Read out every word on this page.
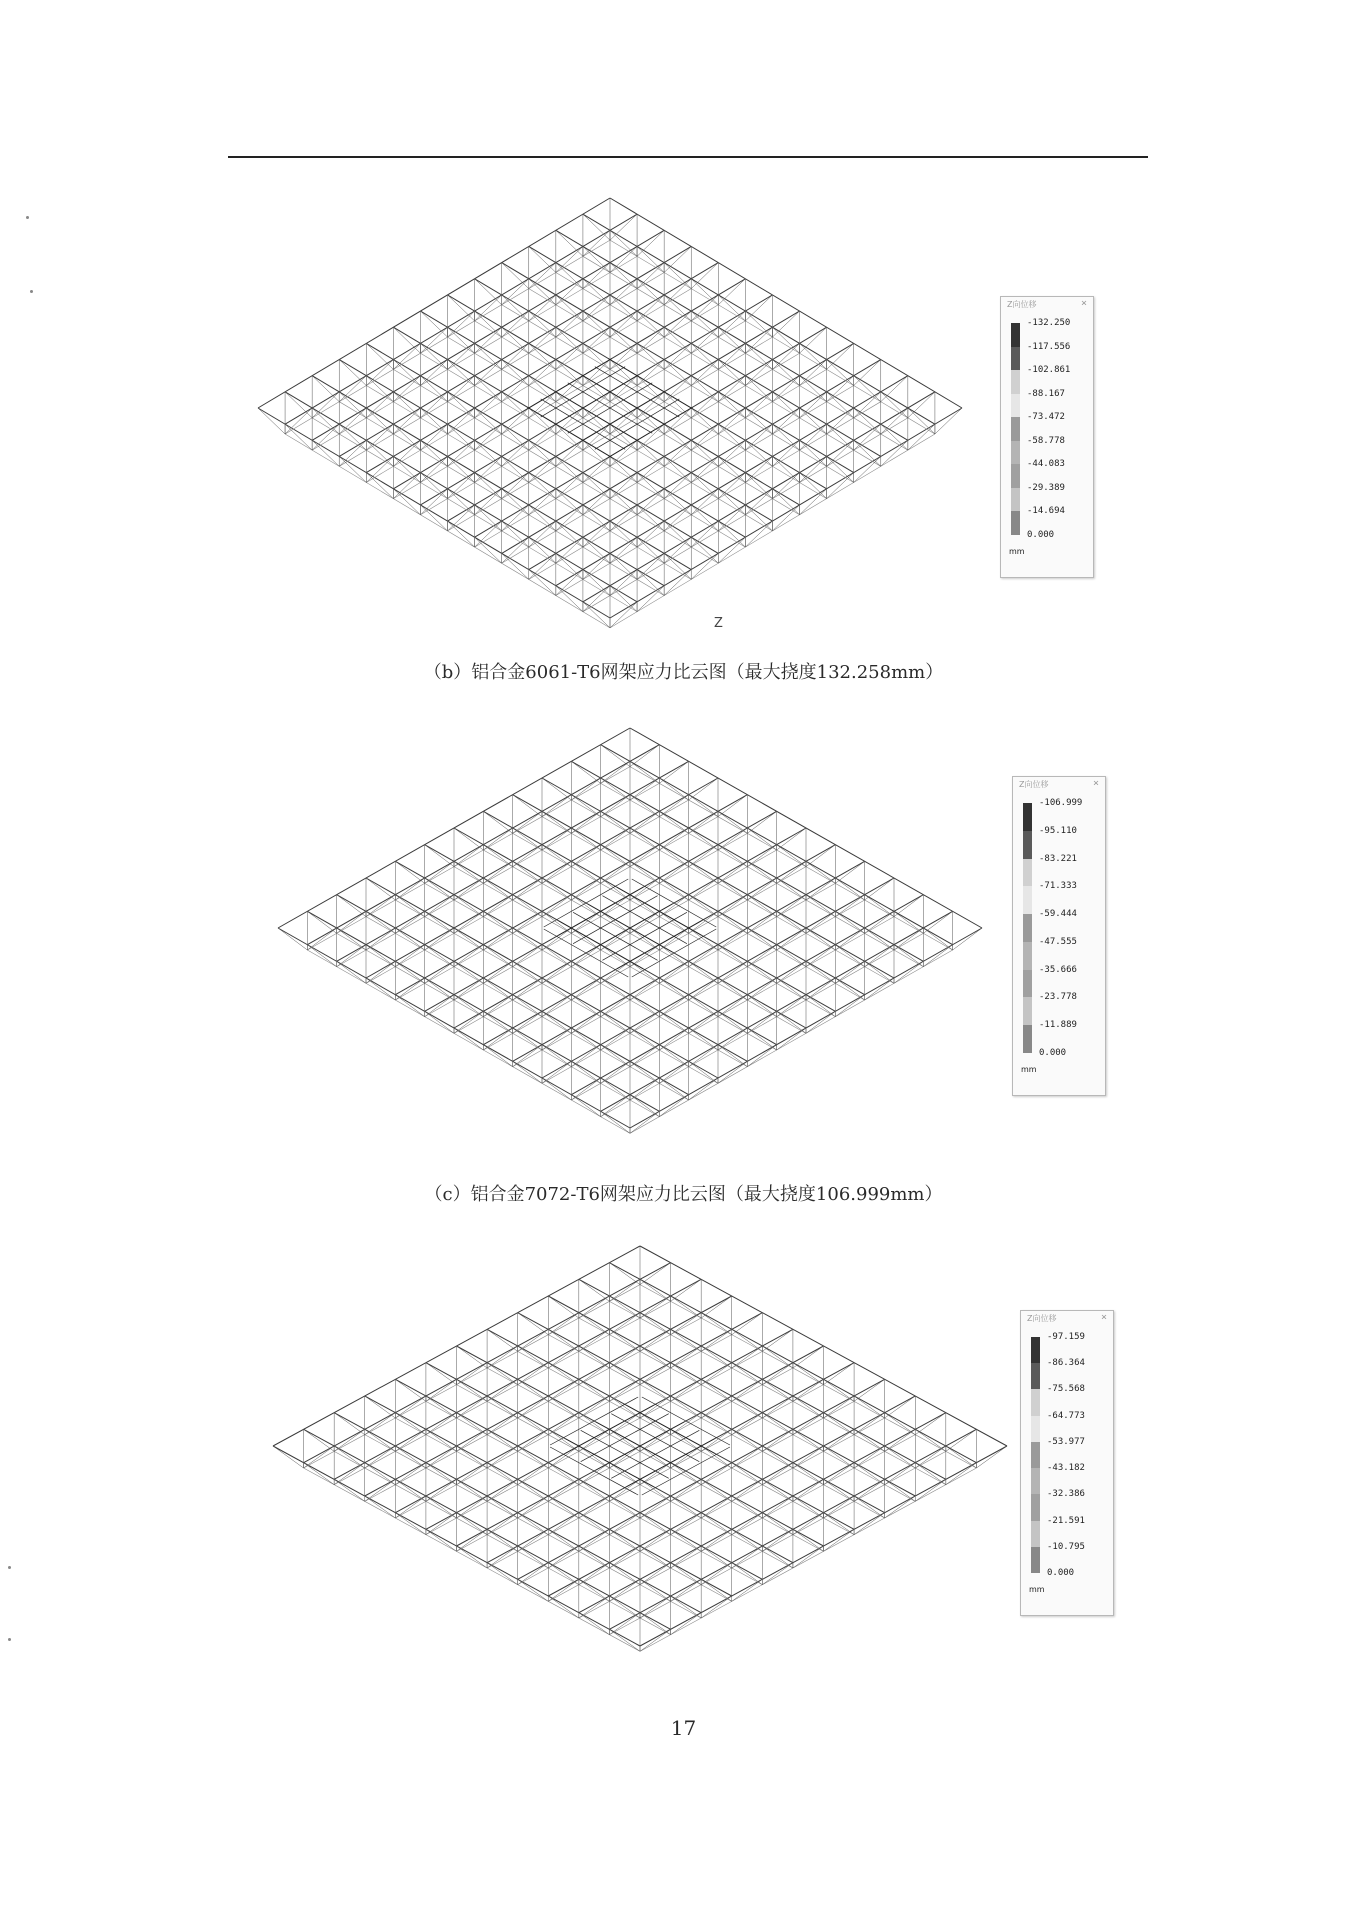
Z
（b）铝合金6061-T6网架应力比云图（最大挠度132.258mm）
Z向位移	×
-132.250
-117.556
-102.861
-88.167
-73.472
-58.778
-44.083
-29.389
-14.694
0.000
mm
（c）铝合金7072-T6网架应力比云图（最大挠度106.999mm）
Z向位移	×
-106.999
-95.110
-83.221
-71.333
-59.444
-47.555
-35.666
-23.778
-11.889
0.000
mm
Z向位移	×
-97.159
-86.364
-75.568
-64.773
-53.977
-43.182
-32.386
-21.591
-10.795
0.000
mm
17
